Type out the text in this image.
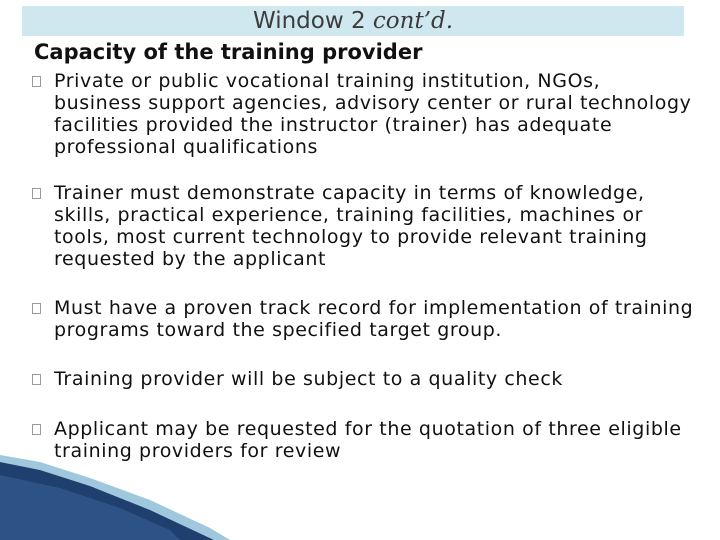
Window 2 cont’d.
Capacity of the training provider
Private or public vocational training institution, NGOs, business support agencies, advisory center or rural technology facilities provided the instructor (trainer) has adequate professional qualifications
Trainer must demonstrate capacity in terms of knowledge, skills, practical experience, training facilities, machines or tools, most current technology to provide relevant training requested by the applicant
Must have a proven track record for implementation of training programs toward the specified target group.
Training provider will be subject to a quality check
Applicant may be requested for the quotation of three eligible training providers for review
